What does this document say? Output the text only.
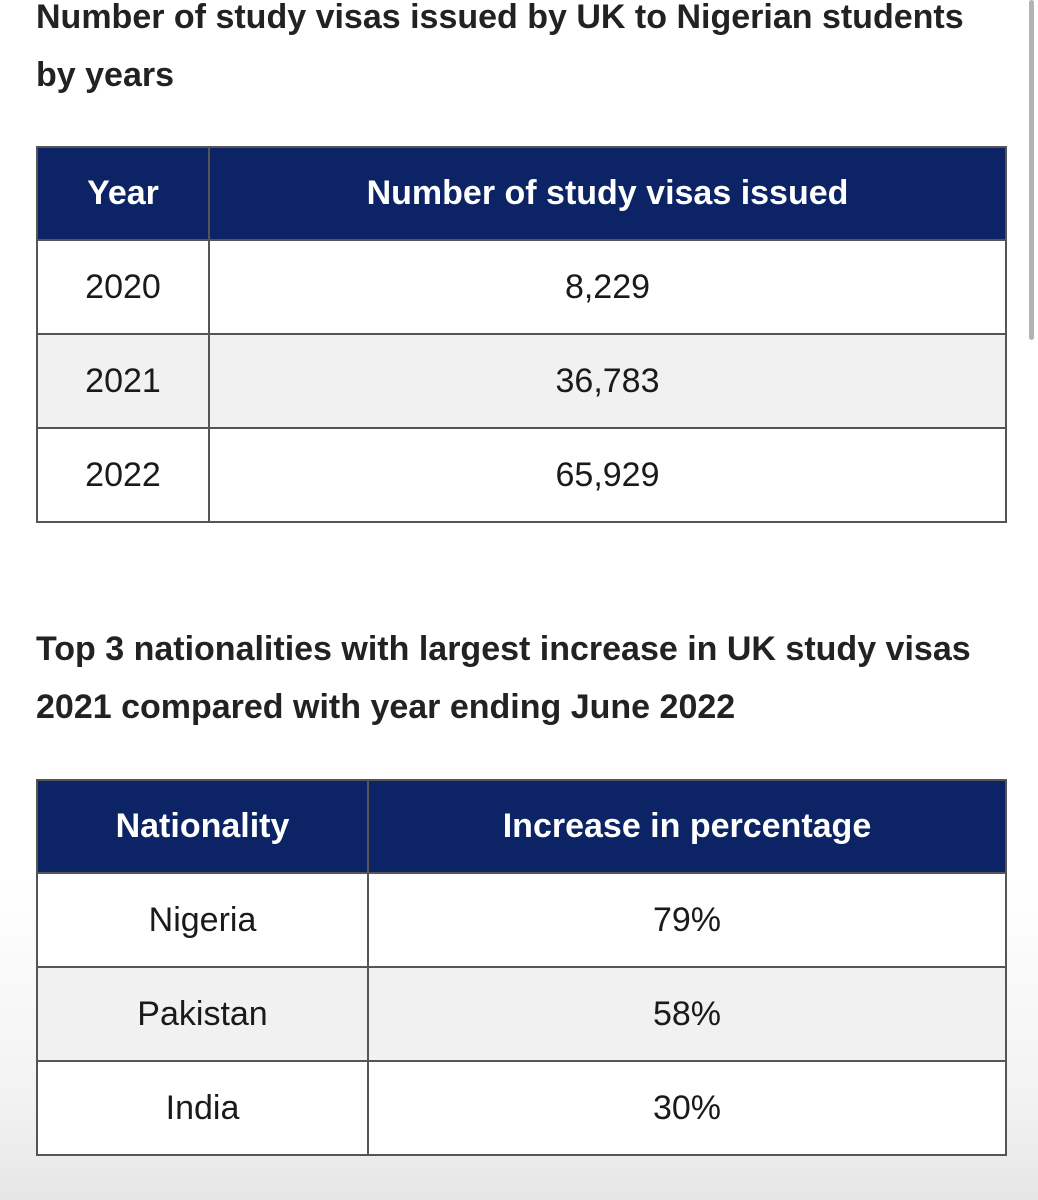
Number of study visas issued by UK to Nigerian students by years
Year	Number of study visas issued
2020	8,229
2021	36,783
2022	65,929
Top 3 nationalities with largest increase in UK study visas 2021 compared with year ending June 2022
Nationality	Increase in percentage
Nigeria	79%
Pakistan	58%
India	30%
